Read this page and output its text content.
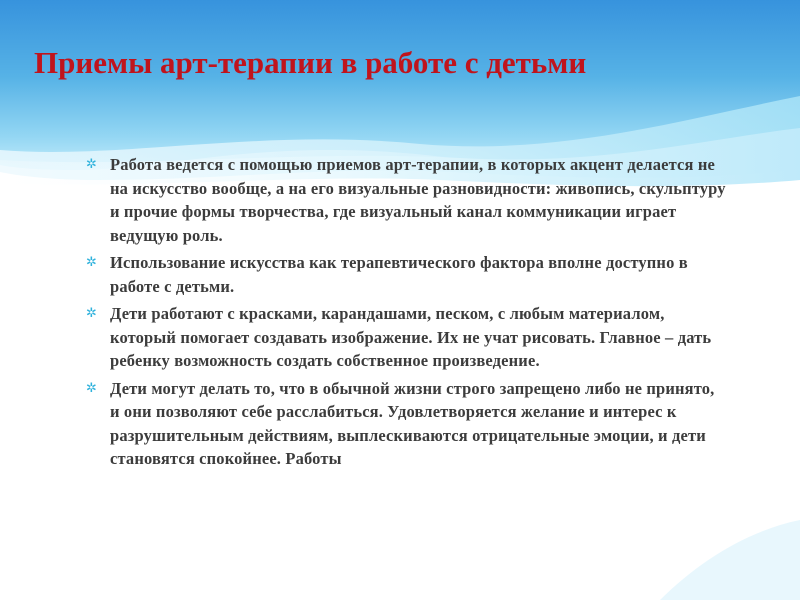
Приемы арт-терапии в работе с детьми
✲ Работа ведется с помощью приемов арт-терапии, в которых акцент делается не на искусство вообще, а на его визуальные разновидности: живопись, скульптуру и прочие формы творчества, где визуальный канал коммуникации играет ведущую роль.
✲ Использование искусства как терапевтического фактора вполне доступно в работе с детьми.
✲ Дети работают с красками, карандашами, песком, с любым материалом, который помогает создавать изображение. Их не учат рисовать. Главное – дать ребенку возможность создать собственное произведение.
✲ Дети могут делать то, что в обычной жизни строго запрещено либо не принято, и они позволяют себе расслабиться. Удовлетворяется желание и интерес к разрушительным действиям, выплескиваются отрицательные эмоции, и дети становятся спокойнее. Работы
